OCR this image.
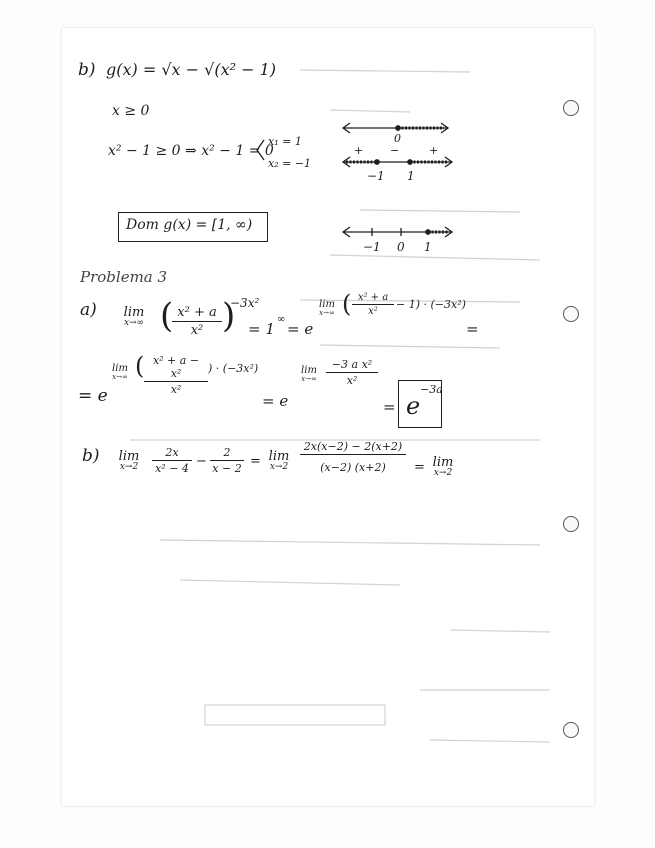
b) g(x) = √x − √(x² − 1)
x ≥ 0
x² − 1 ≥ 0 ⇒ x² − 1 = 0
x₁ = 1
x₂ = −1
0
+ −	+
−1 1
−1 0 1
Dom g(x) = [1, ∞)
Problema 3
a)	lim
x→∞ (
$\frac{\text{x² + a}}{\text{x²}}$ )
−3x²
= 1
∞
= e
lim
x→∞ ( $\frac{\text{x² + a}}{\text{x²}} - 1) \cdot (-3x^2)$
=
= e
lim
x→∞ ( $\frac{\text{x² + a − x²}}{\text{x²}}$ ) · (−3x²)
= e
lim
$x\to\infty \frac{\text{−3 a x²}}{\text{x²}}$
= e
−3a
b)	lim
x→2	$\frac{2x}{\text{x² − 4}} - \frac{2}{x - 2} = \lim$
x→2	$\frac{2x(x-2) - 2(x+2)}{(x-2) (x+2)} = \lim$
x→2
